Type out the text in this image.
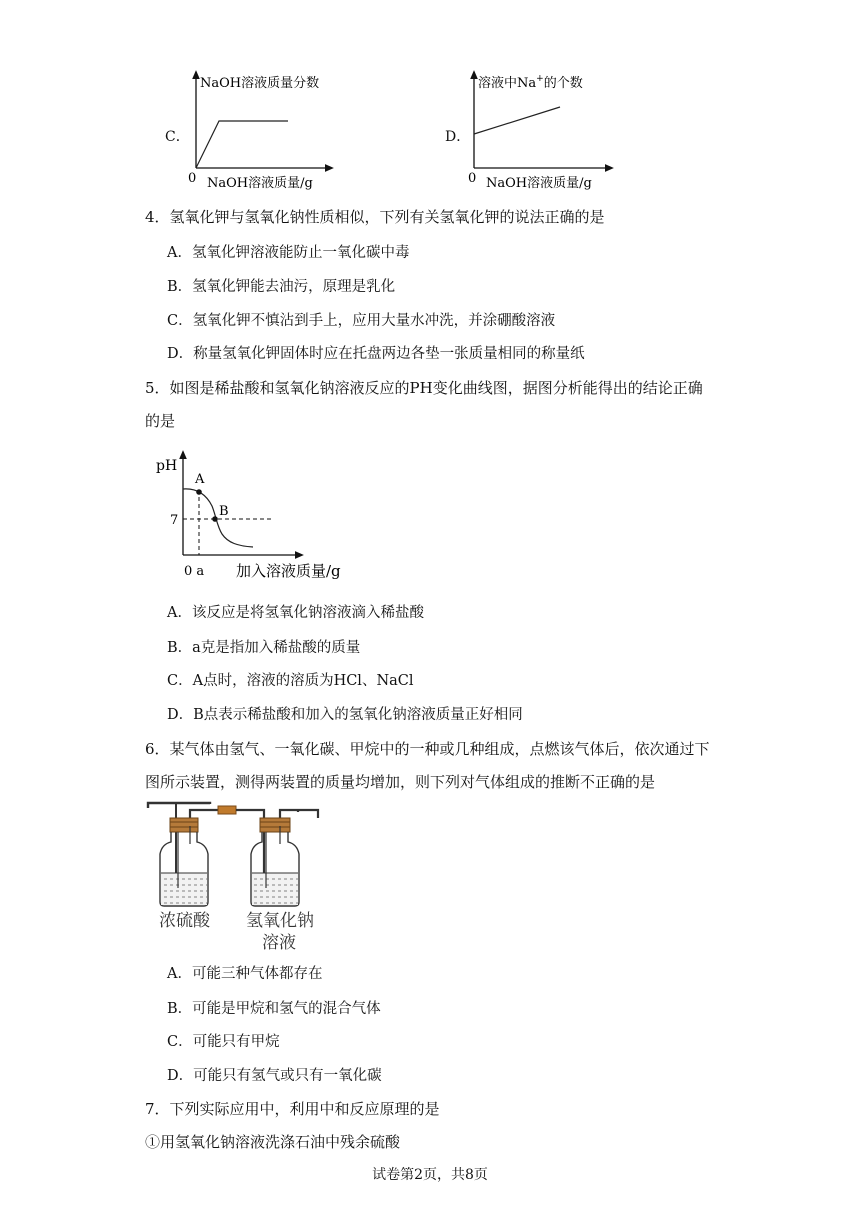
C．
NaOH溶液质量分数
0 NaOH溶液质量/g
D．
溶液中Na+的个数
0 NaOH溶液质量/g
4．氢氧化钾与氢氧化钠性质相似，下列有关氢氧化钾的说法正确的是
A．氢氧化钾溶液能防止一氧化碳中毒
B．氢氧化钾能去油污，原理是乳化
C．氢氧化钾不慎沾到手上，应用大量水冲洗，并涂硼酸溶液
D．称量氢氧化钾固体时应在托盘两边各垫一张质量相同的称量纸
5．如图是稀盐酸和氢氧化钠溶液反应的PH变化曲线图，据图分析能得出的结论正确
的是
pH
A
B
7
0 a 加入溶液质量/g
A．该反应是将氢氧化钠溶液滴入稀盐酸
B．a克是指加入稀盐酸的质量
C．A点时，溶液的溶质为HCl、NaCl
D．B点表示稀盐酸和加入的氢氧化钠溶液质量正好相同
6．某气体由氢气、一氧化碳、甲烷中的一种或几种组成，点燃该气体后，依次通过下
图所示装置，测得两装置的质量均增加，则下列对气体组成的推断不正确的是
浓硫酸 氢氧化钠
溶液
A．可能三种气体都存在
B．可能是甲烷和氢气的混合气体
C．可能只有甲烷
D．可能只有氢气或只有一氧化碳
7．下列实际应用中，利用中和反应原理的是
①用氢氧化钠溶液洗涤石油中残余硫酸
试卷第2页，共8页
